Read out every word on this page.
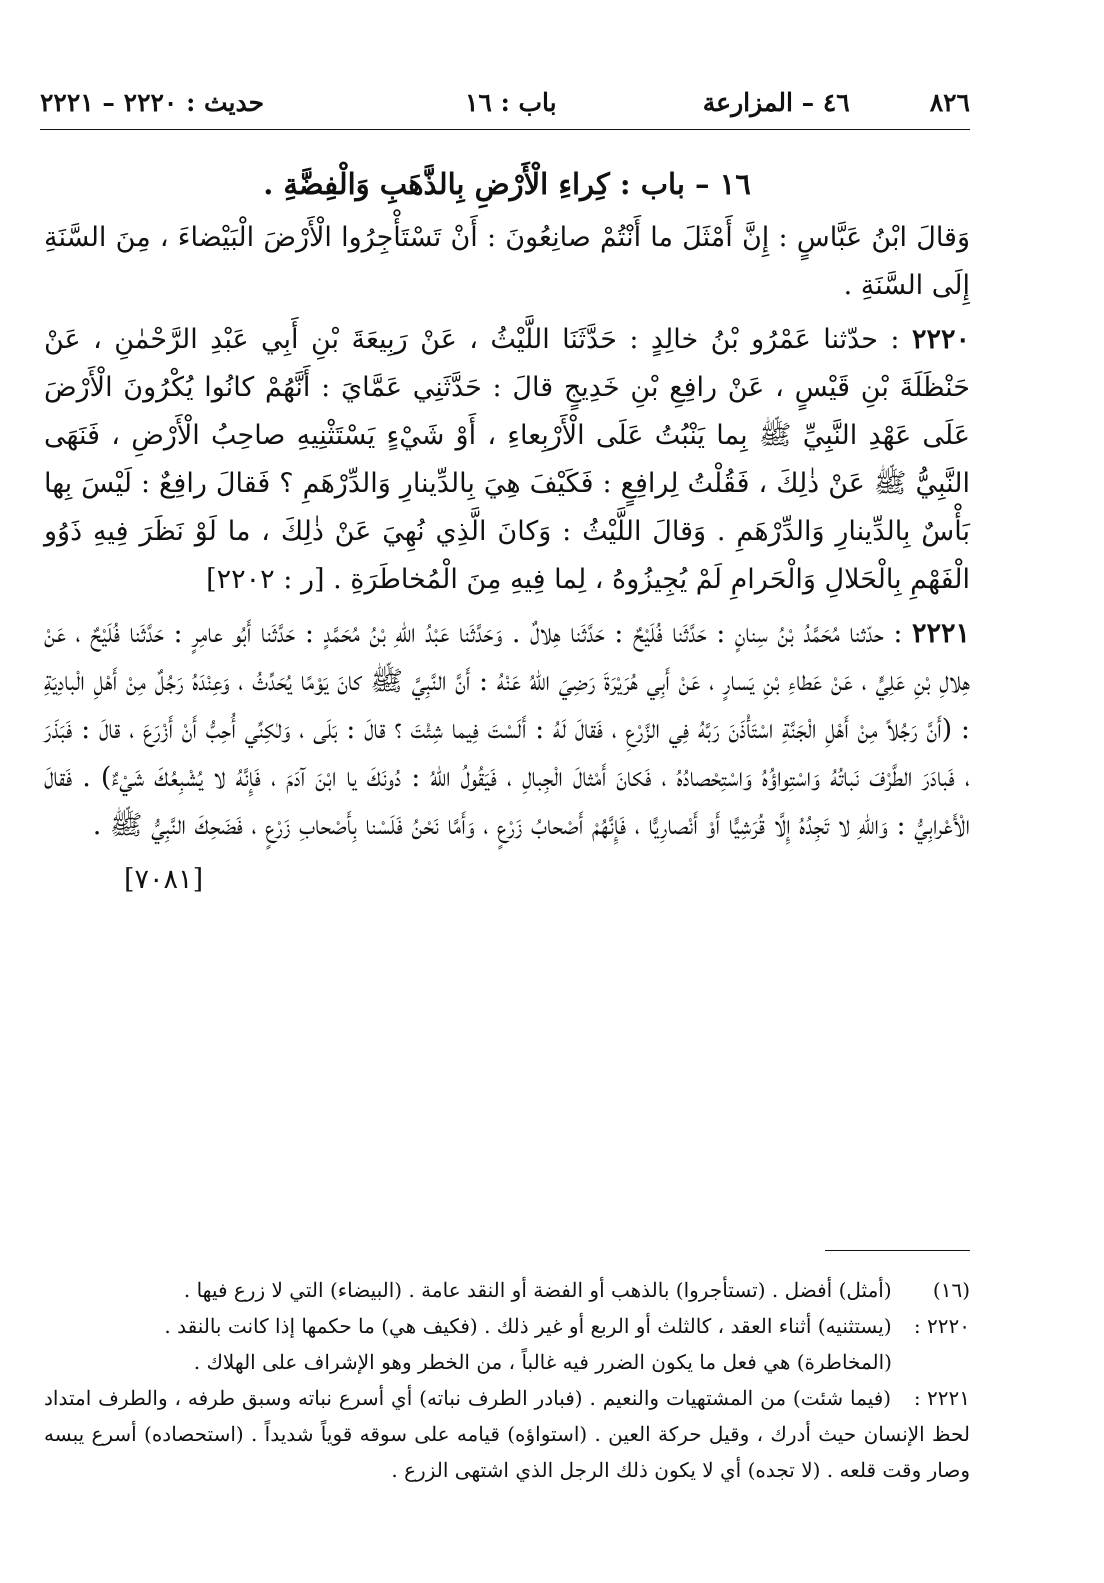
٨٢٦
٤٦ – المزارعة
باب : ١٦
حديث : ٢٢٢٠ – ٢٢٢١

١٦ – باب : كِراءِ الْأَرْضِ بِالذَّهَبِ وَالْفِضَّةِ .

وَقالَ ابْنُ عَبَّاسٍ : إِنَّ أَمْثَلَ ما أَنْتُمْ صانِعُونَ : أَنْ تَسْتَأْجِرُوا الْأَرْضَ الْبَيْضاءَ ، مِنَ السَّنَةِ إِلَى السَّنَةِ .

٢٢٢٠ : حدّثنا عَمْرُو بْنُ خالِدٍ : حَدَّثَنَا اللَّيْثُ ، عَنْ رَبِيعَةَ بْنِ أَبِي عَبْدِ الرَّحْمٰنِ ، عَنْ حَنْظَلَةَ بْنِ قَيْسٍ ، عَنْ رافِعِ بْنِ خَدِيجٍ قالَ : حَدَّثَنِي عَمَّايَ : أَنَّهُمْ كانُوا يُكْرُونَ الْأَرْضَ عَلَى عَهْدِ النَّبِيِّ ﷺ بِما يَنْبُتُ عَلَى الْأَرْبِعاءِ ، أَوْ شَيْءٍ يَسْتَثْنِيهِ صاحِبُ الْأَرْضِ ، فَنَهَى النَّبِيُّ ﷺ عَنْ ذٰلِكَ ، فَقُلْتُ لِرافِعٍ : فَكَيْفَ هِيَ بِالدِّينارِ وَالدِّرْهَمِ ؟ فَقالَ رافِعٌ : لَيْسَ بِها بَأْسٌ بِالدِّينارِ وَالدِّرْهَمِ . وَقالَ اللَّيْثُ : وَكانَ الَّذِي نُهِيَ عَنْ ذٰلِكَ ، ما لَوْ نَظَرَ فِيهِ ذَوُو الْفَهْمِ بِالْحَلالِ وَالْحَرامِ لَمْ يُجِيزُوهُ ، لِما فِيهِ مِنَ الْمُخاطَرَةِ . [ر : ٢٢٠٢]

٢٢٢١ : حدّثنا مُحَمَّدُ بْنُ سِنانٍ : حَدَّثَنا فُلَيْحٌ : حَدَّثَنا هِلالٌ . وَحَدَّثَنا عَبْدُ اللهِ بْنُ مُحَمَّدٍ : حَدَّثَنا أَبُو عامِرٍ : حَدَّثَنا فُلَيْحٌ ، عَنْ هِلالِ بْنِ عَلِيٍّ ، عَنْ عَطاءِ بْنِ يَسارٍ ، عَنْ أَبِي هُرَيْرَةَ رَضِيَ اللهُ عَنْهُ : أَنَّ النَّبِيَّ ﷺ كانَ يَوْمًا يُحَدِّثُ ، وَعِنْدَهُ رَجُلٌ مِنْ أَهْلِ الْبادِيَةِ : (أَنَّ رَجُلاً مِنْ أَهْلِ الْجَنَّةِ اسْتَأْذَنَ رَبَّهُ فِي الزَّرْعِ ، فَقالَ لَهُ : أَلَسْتَ فِيما شِئْتَ ؟ قالَ : بَلَى ، وَلٰكِنِّي أُحِبُّ أَنْ أَزْرَعَ ، قالَ : فَبَذَرَ ، فَبادَرَ الطَّرْفَ نَباتُهُ وَاسْتِواؤُهُ وَاسْتِحْصادُهُ ، فَكانَ أَمْثالَ الْجِبالِ ، فَيَقُولُ اللهُ : دُونَكَ يا ابْنَ آدَمَ ، فَإِنَّهُ لا يُشْبِعُكَ شَيْءٌ) . فَقالَ الْأَعْرابِيُّ : وَاللهِ لا تَجِدُهُ إِلَّا قُرَشِيًّا أَوْ أَنْصارِيًّا ، فَإِنَّهُمْ أَصْحابُ زَرْعٍ ، وَأَمَّا نَحْنُ فَلَسْنا بِأَصْحابِ زَرْعٍ ، فَضَحِكَ النَّبِيُّ ﷺ .

[٧٠٨١]

(١٦) (أمثل) أفضل . (تستأجروا) بالذهب أو الفضة أو النقد عامة . (البيضاء) التي لا زرع فيها .

٢٢٢٠ : (يستثنيه) أثناء العقد ، كالثلث أو الربع أو غير ذلك . (فكيف هي) ما حكمها إذا كانت بالنقد .

(المخاطرة) هي فعل ما يكون الضرر فيه غالباً ، من الخطر وهو الإشراف على الهلاك .

٢٢٢١ : (فيما شئت) من المشتهيات والنعيم . (فبادر الطرف نباته) أي أسرع نباته وسبق طرفه ، والطرف امتداد لحظ الإنسان حيث أدرك ، وقيل حركة العين . (استواؤه) قيامه على سوقه قوياً شديداً . (استحصاده) أسرع يبسه وصار وقت قلعه . (لا تجده) أي لا يكون ذلك الرجل الذي اشتهى الزرع .
